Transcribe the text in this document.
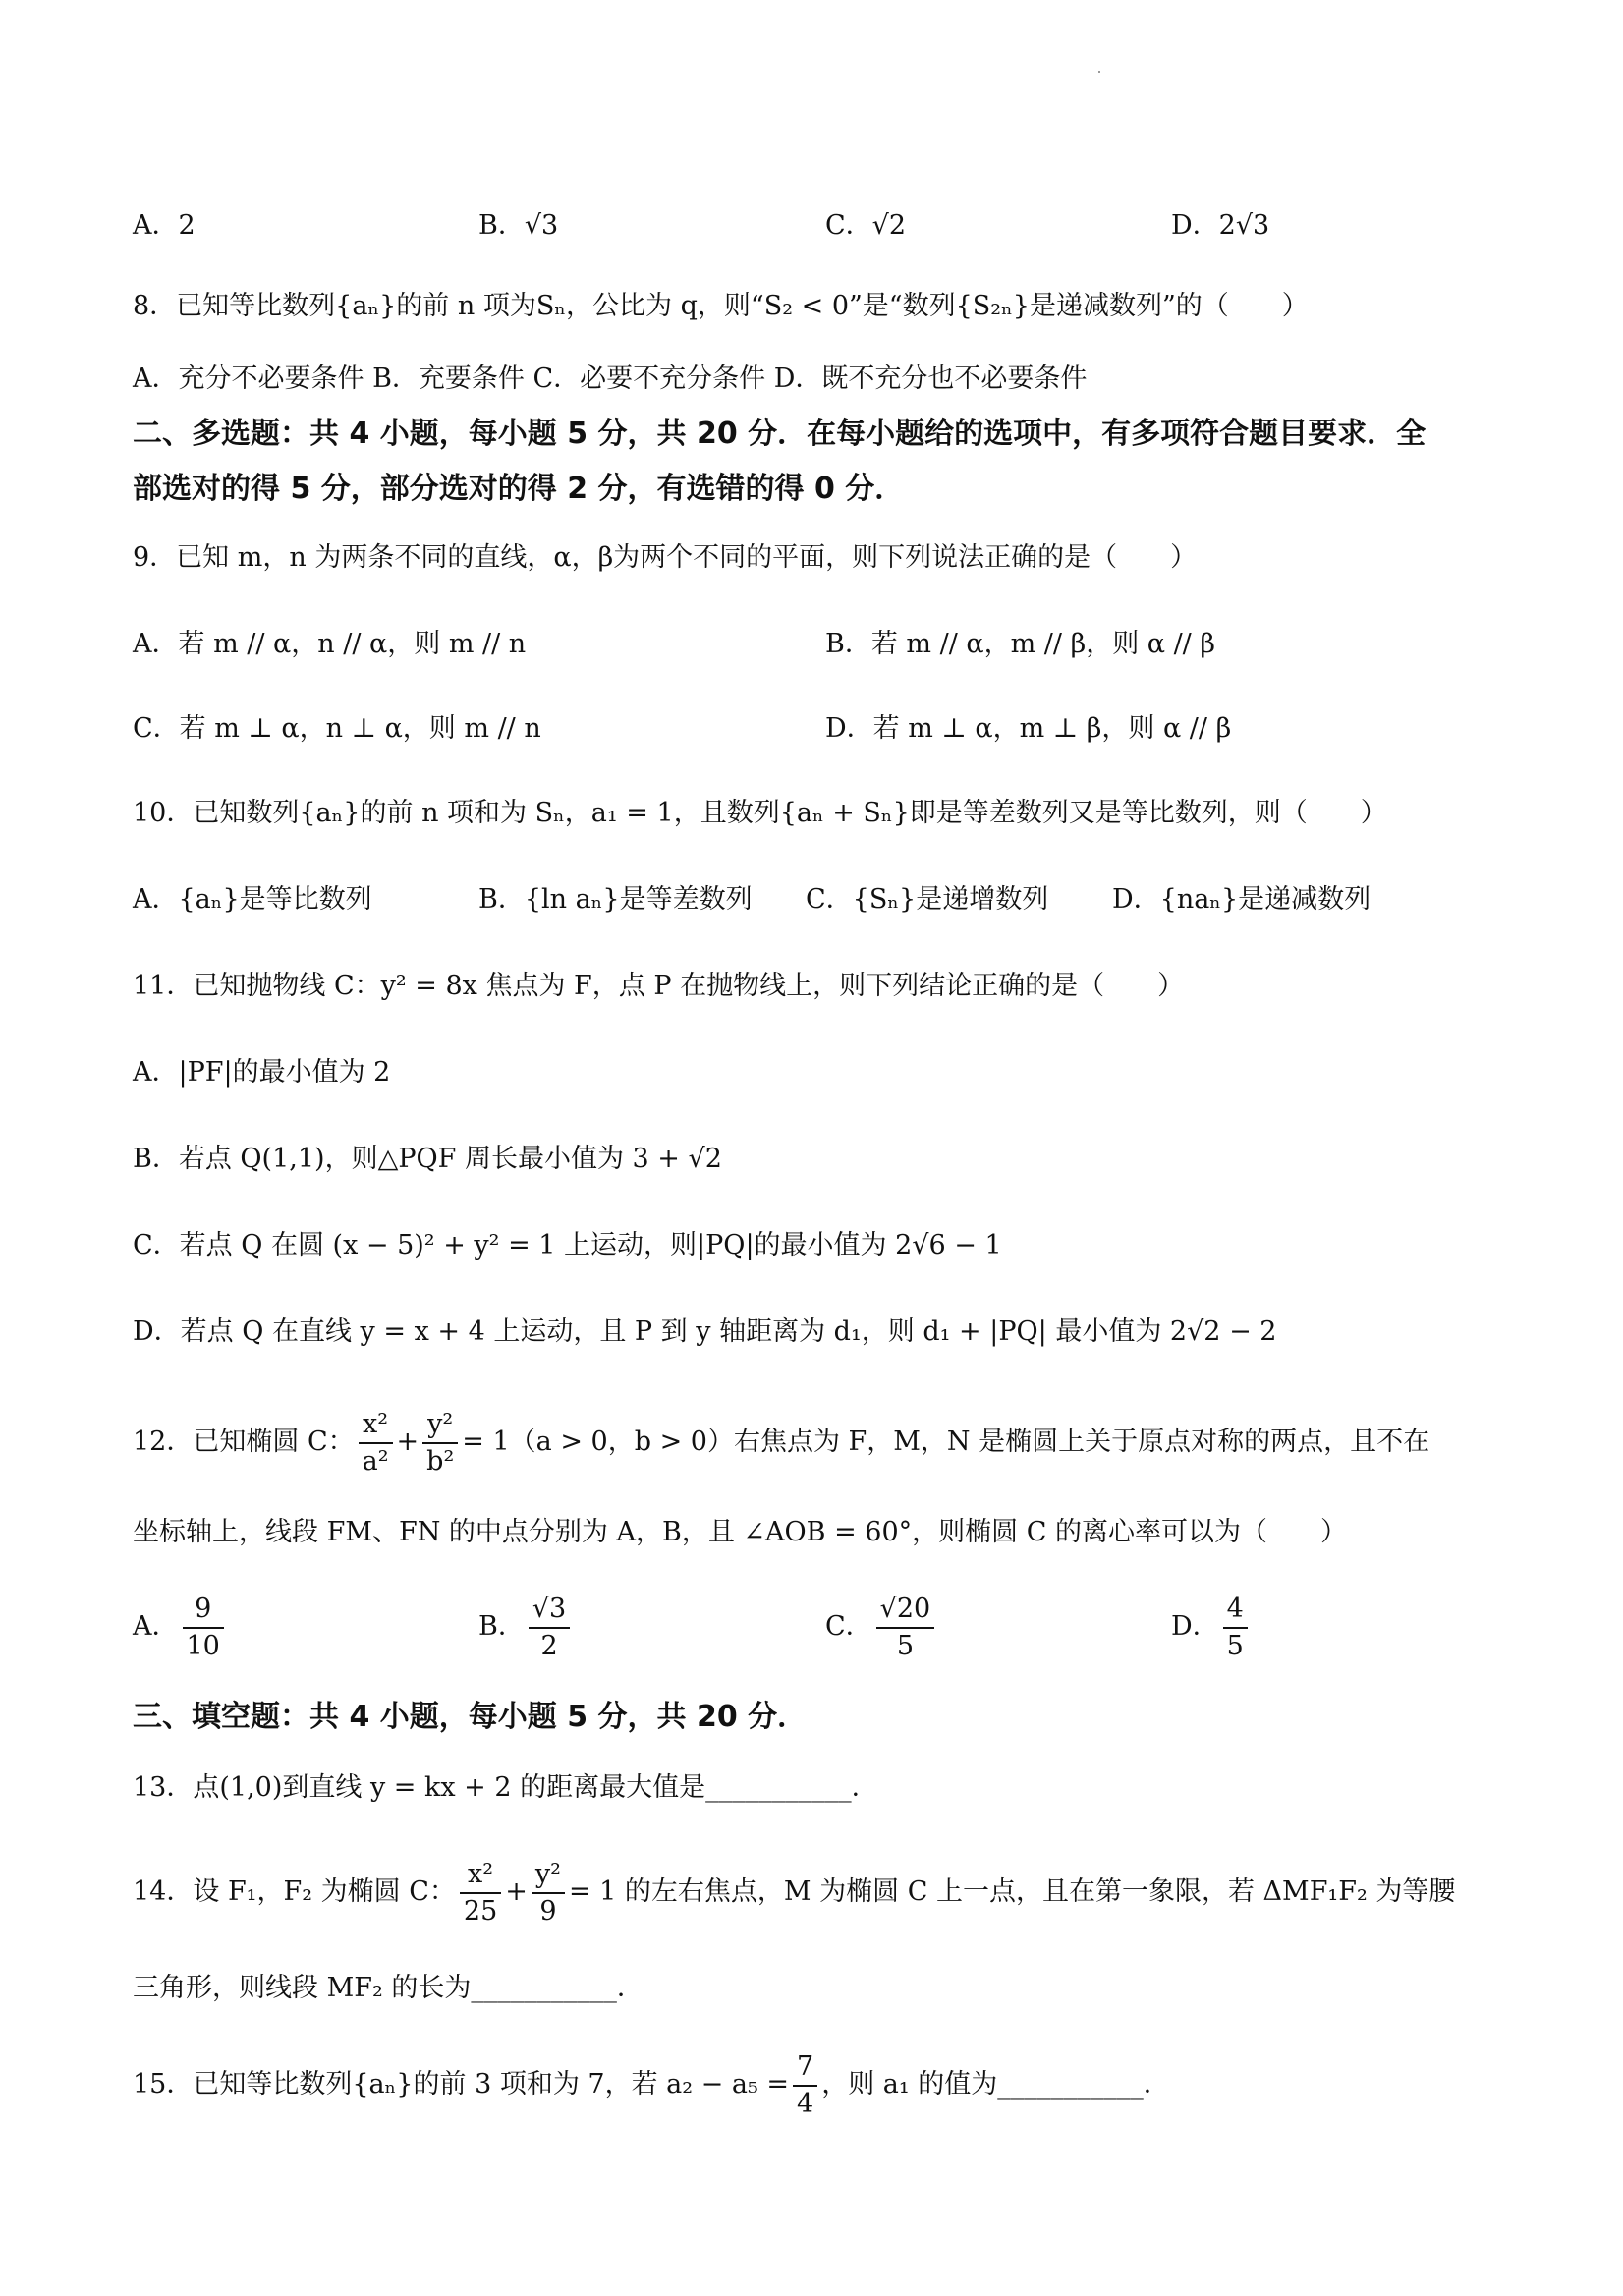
A．2	B．√3	C．√2	D．2√3
8．已知等比数列{aₙ}的前 n 项为Sₙ，公比为 q，则“S₂ < 0”是“数列{S₂ₙ}是递减数列”的（　　）
A．充分不必要条件 B．充要条件 C．必要不充分条件 D．既不充分也不必要条件
二、多选题：共 4 小题，每小题 5 分，共 20 分．在每小题给的选项中，有多项符合题目要求．全
部选对的得 5 分，部分选对的得 2 分，有选错的得 0 分．
9．已知 m，n 为两条不同的直线，α，β为两个不同的平面，则下列说法正确的是（　　）
A．若 m // α，n // α，则 m // n	B．若 m // α，m // β，则 α // β
C．若 m ⊥ α，n ⊥ α，则 m // n	D．若 m ⊥ α，m ⊥ β，则 α // β
10．已知数列{aₙ}的前 n 项和为 Sₙ，a₁ = 1，且数列{aₙ + Sₙ}即是等差数列又是等比数列，则（　　）
A．{aₙ}是等比数列	B．{ln aₙ}是等差数列 C．{Sₙ}是递增数列 D．{naₙ}是递减数列
11．已知抛物线 C：y² = 8x 焦点为 F，点 P 在抛物线上，则下列结论正确的是（　　）
A．|PF|的最小值为 2
B．若点 Q(1,1)，则△PQF 周长最小值为 3 + √2
C．若点 Q 在圆 (x − 5)² + y² = 1 上运动，则|PQ|的最小值为 2√6 − 1
D．若点 Q 在直线 y = x + 4 上运动，且 P 到 y 轴距离为 d₁，则 d₁ + |PQ| 最小值为 2√2 − 2
12．已知椭圆 C： $\frac{\text{x²}}{\text{a²}} + \frac{\text{y²}}{\text{b²}} = 1(a > 0$，b > 0）右焦点为 F，M，N 是椭圆上关于原点对称的两点，且不在
坐标轴上，线段 FM、FN 的中点分别为 A，B，且 ∠AOB = 60°，则椭圆 C 的离心率可以为（　　）
A． $\frac{9}{10}$	B． $\frac{√3}{2}$	C． $\frac{√20}{5}$	D． $\frac{4}{5}$
三、填空题：共 4 小题，每小题 5 分，共 20 分．
13．点(1,0)到直线 y = kx + 2 的距离最大值是___________．
14．设 F₁，F₂ 为椭圆 C： $\frac{\text{x²}}{25} + \frac{\text{y²}}{9} = 1$ 的左右焦点，M 为椭圆 C 上一点，且在第一象限，若 ΔMF₁F₂ 为等腰
三角形，则线段 MF₂ 的长为___________．
15．已知等比数列{aₙ}的前 3 项和为 7，若 $a_2 - a_5 = \frac{7}{4}$ ，则 a₁ 的值为___________．
